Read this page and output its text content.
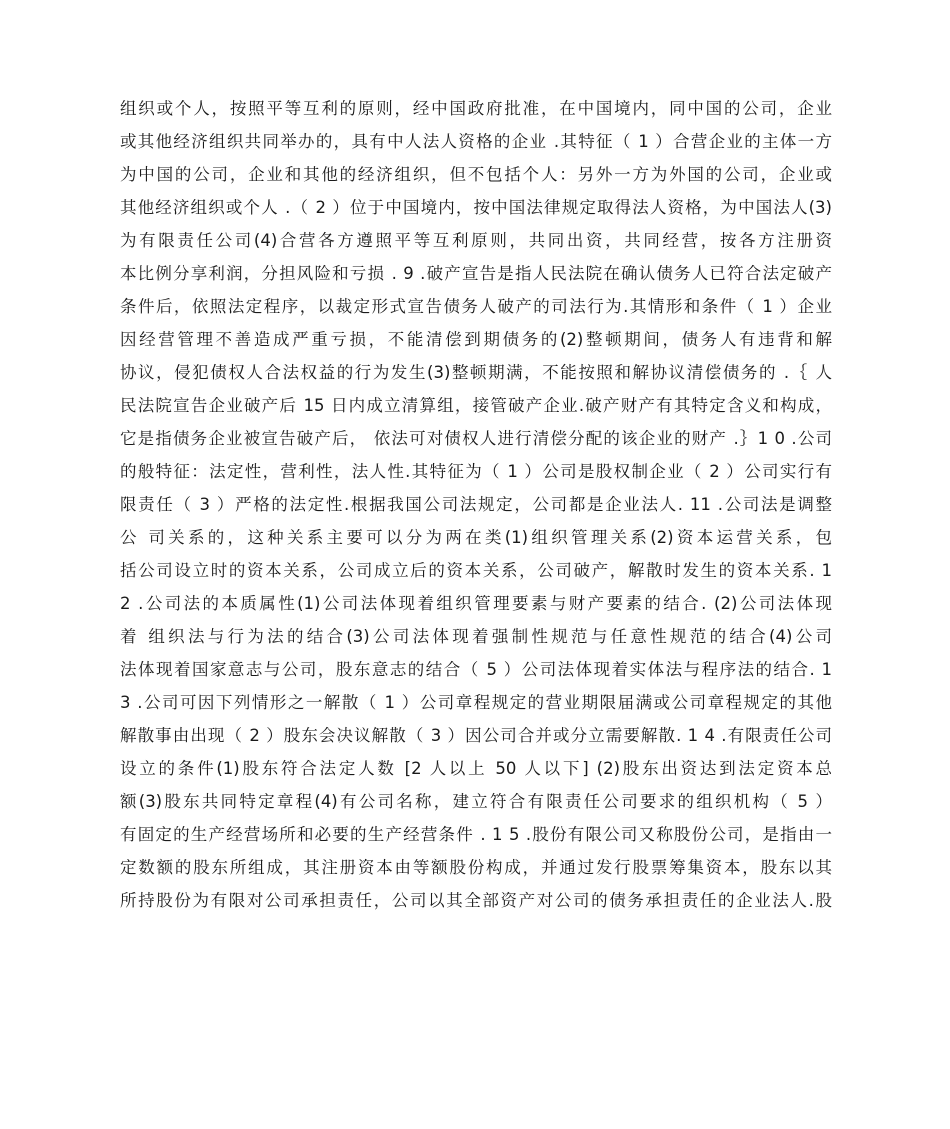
组织或个人，按照平等互利的原则，经中国政府批准，在中国境内，同中国的公司，企业
或其他经济组织共同举办的，具有中人法人资格的企业 .其特征（ 1 ）合营企业的主体一方
为中国的公司，企业和其他的经济组织，但不包括个人：另外一方为外国的公司，企业或
其他经济组织或个人 .（ 2 ）位于中国境内，按中国法律规定取得法人资格，为中国法人(3)
为有限责任公司(4)合营各方遵照平等互利原则，共同出资，共同经营，按各方注册资
本比例分享利润，分担风险和亏损 . 9 .破产宣告是指人民法院在确认债务人已符合法定破产
条件后，依照法定程序，以裁定形式宣告债务人破产的司法行为.其情形和条件（ 1 ）企业
因经营管理不善造成严重亏损，不能清偿到期债务的(2)整顿期间，债务人有违背和解
协议，侵犯债权人合法权益的行为发生(3)整顿期满，不能按照和解协议清偿债务的 .｛ 人
民法院宣告企业破产后 15 日内成立清算组，接管破产企业.破产财产有其特定含义和构成，
它是指债务企业被宣告破产后， 依法可对债权人进行清偿分配的该企业的财产 .｝1 0 .公司
的般特征：法定性，营利性，法人性.其特征为（ 1 ）公司是股权制企业（ 2 ）公司实行有
限责任（ 3 ）严格的法定性.根据我国公司法规定，公司都是企业法人. 11 .公司法是调整
公 司关系的，这种关系主要可以分为两在类(1)组织管理关系(2)资本运营关系，包
括公司设立时的资本关系，公司成立后的资本关系，公司破产，解散时发生的资本关系. 1
2 .公司法的本质属性(1)公司法体现着组织管理要素与财产要素的结合. (2)公司法体现
着 组织法与行为法的结合(3)公司法体现着强制性规范与任意性规范的结合(4)公司
法体现着国家意志与公司，股东意志的结合（ 5 ）公司法体现着实体法与程序法的结合. 1
3 .公司可因下列情形之一解散（ 1 ）公司章程规定的营业期限届满或公司章程规定的其他
解散事由出现（ 2 ）股东会决议解散（ 3 ）因公司合并或分立需要解散. 1 4 .有限责任公司
设立的条件(1)股东符合法定人数 [2 人以上 50 人以下] (2)股东出资达到法定资本总
额(3)股东共同特定章程(4)有公司名称，建立符合有限责任公司要求的组织机构（ 5 ）
有固定的生产经营场所和必要的生产经营条件 . 1 5 .股份有限公司又称股份公司，是指由一
定数额的股东所组成，其注册资本由等额股份构成，并通过发行股票筹集资本，股东以其
所持股份为有限对公司承担责任，公司以其全部资产对公司的债务承担责任的企业法人.股
